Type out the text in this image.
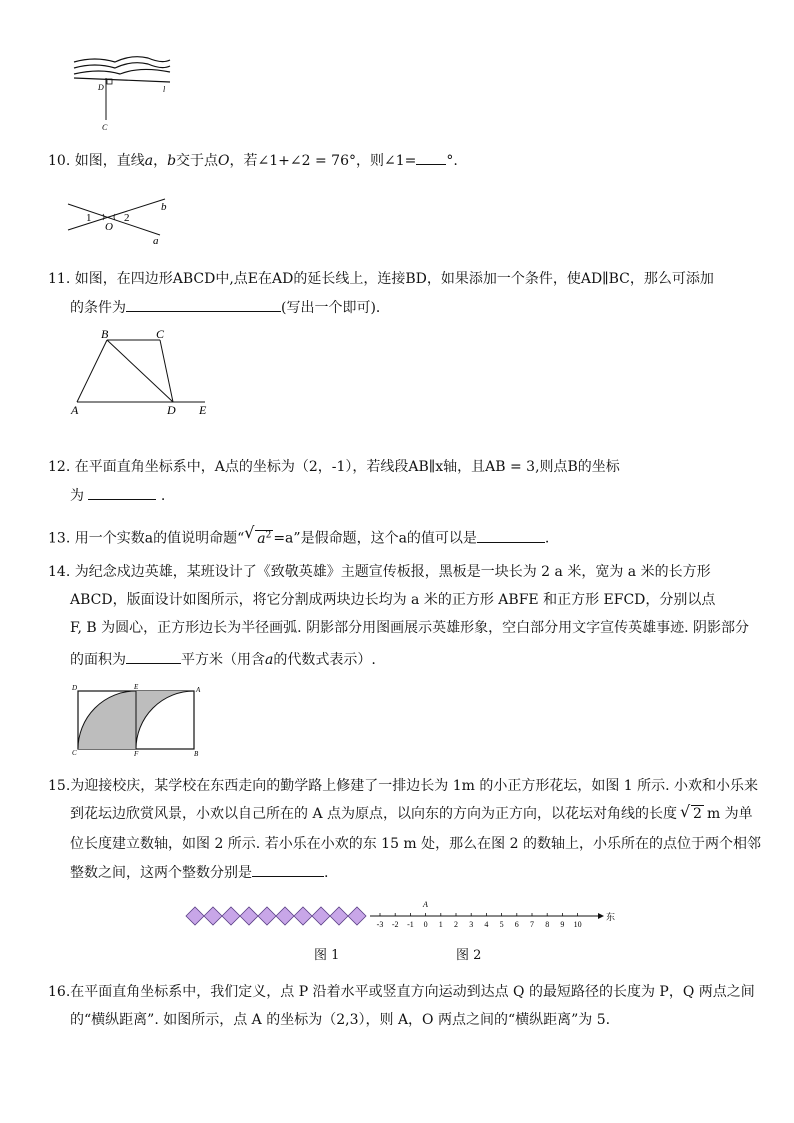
D	l
C
10. 如图，直线a，b交于点O，若∠1+∠2 = 76°，则∠1= °.
1	2
O
b
a
11. 如图，在四边形ABCD中,点E在AD的延长线上，连接BD，如果添加一个条件，使AD∥BC，那么可添加
的条件为	(写出一个即可)．
B	C
A	D E
12. 在平面直角坐标系中，A点的坐标为（2，-1），若线段AB∥x轴，且AB = 3,则点B的坐标
为	.
13. 用一个实数a的值说明命题“ √ $a^2 =a$”是假命题，这个a的值可以是	.
14. 为纪念戍边英雄，某班设计了《致敬英雄》主题宣传板报，黑板是一块长为 2 a 米，宽为 a 米的长方形
ABCD，版面设计如图所示，将它分割成两块边长均为 a 米的正方形 ABFE 和正方形 EFCD，分别以点
F, B 为圆心，正方形边长为半径画弧. 阴影部分用图画展示英雄形象，空白部分用文字宣传英雄事迹. 阴影部分
的面积为	平方米（用含a的代数式表示）.
D	E	A
C	F	B
15.为迎接校庆，某学校在东西走向的勤学路上修建了一排边长为 1m 的小正方形花坛，如图 1 所示. 小欢和小乐来
到花坛边欣赏风景，小欢以自己所在的 A 点为原点，以向东的方向为正方向，以花坛对角线的长度 √ 2 m 为单
位长度建立数轴，如图 2 所示. 若小乐在小欢的东 15 m 处，那么在图 2 的数轴上，小乐所在的点位于两个相邻
整数之间，这两个整数分别是	.
-3 -2 -1 0 1 2 3 4 5 6 7 8 9 10
A
东
图 1	图 2
16.在平面直角坐标系中，我们定义，点 P 沿着水平或竖直方向运动到达点 Q 的最短路径的长度为 P，Q 两点之间
的“横纵距离”. 如图所示，点 A 的坐标为（2,3），则 A，O 两点之间的“横纵距离”为 5.
